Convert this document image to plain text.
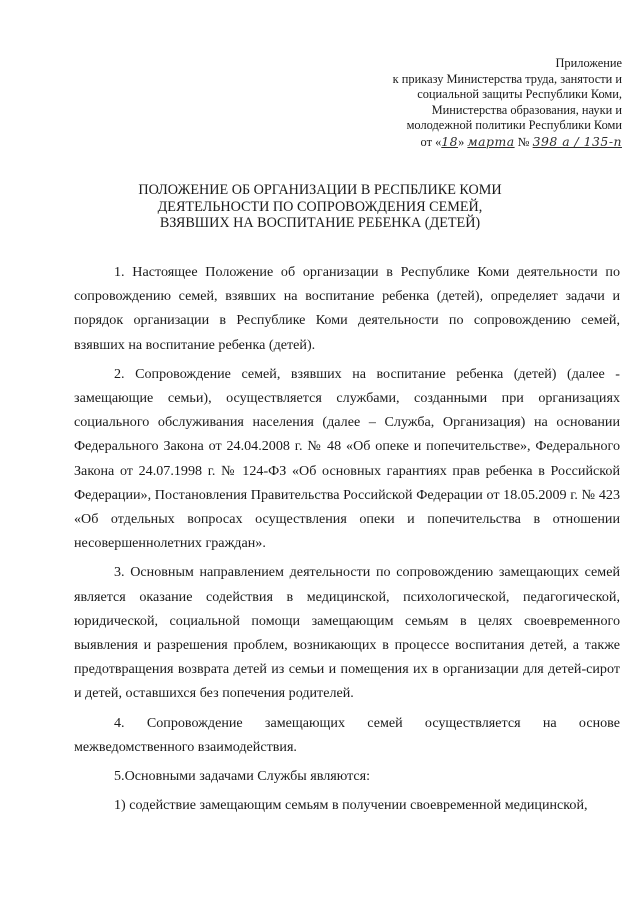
Приложение
к приказу Министерства труда, занятости и
социальной защиты Республики Коми,
Министерства образования, науки и
молодежной политики Республики Коми
от «18» марта № 398 а / 135-п
ПОЛОЖЕНИЕ ОБ ОРГАНИЗАЦИИ В РЕСПБЛИКЕ КОМИ
ДЕЯТЕЛЬНОСТИ ПО СОПРОВОЖДЕНИЯ СЕМЕЙ,
ВЗЯВШИХ НА ВОСПИТАНИЕ РЕБЕНКА (ДЕТЕЙ)

1. Настоящее Положение об организации в Республике Коми деятельности по сопровождению семей, взявших на воспитание ребенка (детей), определяет задачи и порядок организации в Республике Коми деятельности по сопровождению семей, взявших на воспитание ребенка (детей).

2. Сопровождение семей, взявших на воспитание ребенка (детей) (далее - замещающие семьи), осуществляется службами, созданными при организациях социального обслуживания населения (далее – Служба, Организация) на основании Федерального Закона от 24.04.2008 г. № 48 «Об опеке и попечительстве», Федерального Закона от 24.07.1998 г. № 124-ФЗ «Об основных гарантиях прав ребенка в Российской Федерации», Постановления Правительства Российской Федерации от 18.05.2009 г. № 423 «Об отдельных вопросах осуществления опеки и попечительства в отношении несовершеннолетних граждан».

3. Основным направлением деятельности по сопровождению замещающих семей является оказание содействия в медицинской, психологической, педагогической, юридической, социальной помощи замещающим семьям в целях своевременного выявления и разрешения проблем, возникающих в процессе воспитания детей, а также предотвращения возврата детей из семьи и помещения их в организации для детей-сирот и детей, оставшихся без попечения родителей.

4. Сопровождение замещающих семей осуществляется на основе межведомственного взаимодействия.

5.Основными задачами Службы являются:

1) содействие замещающим семьям в получении своевременной медицинской,
